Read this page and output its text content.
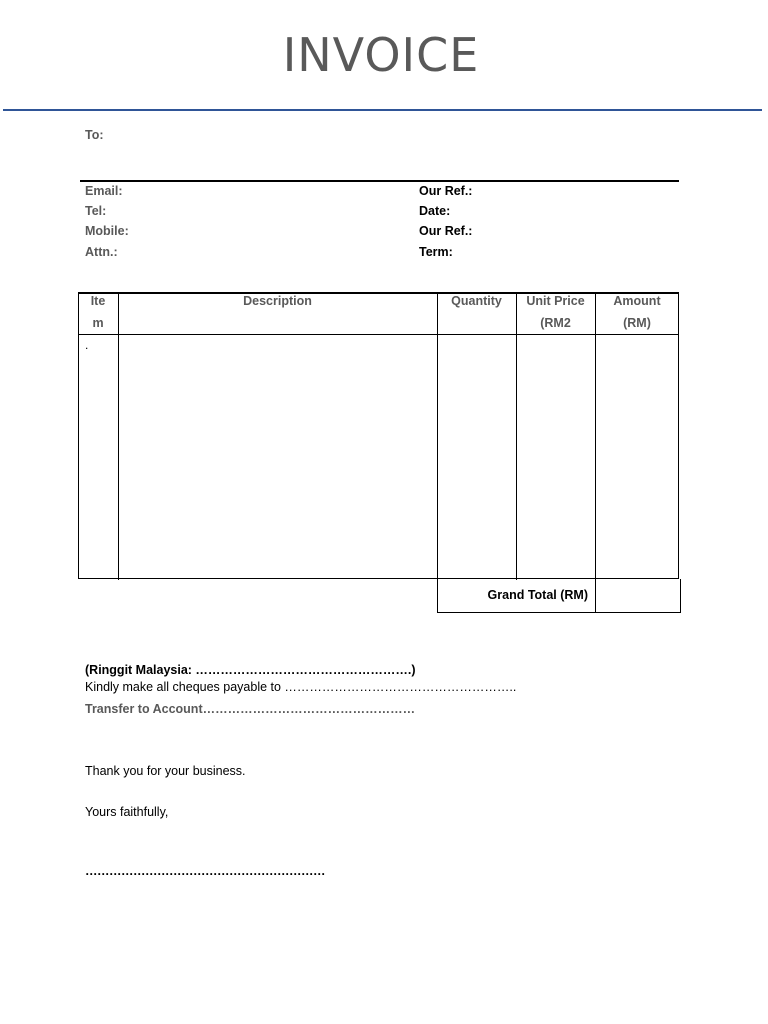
INVOICE
To:
Email:
Tel:
Mobile:
Attn.:
Our Ref.:
Date:
Our Ref.:
Term:
Ite
m
Description	Quantity	Unit Price
(RM2
Amount
(RM)
.
Grand Total (RM)
(Ringgit Malaysia: …………………………………………….)
Kindly make all cheques payable to ………………………………………………..
Transfer to Account……………………………………………
Thank you for your business.
Yours faithfully,
……………………………………………………
